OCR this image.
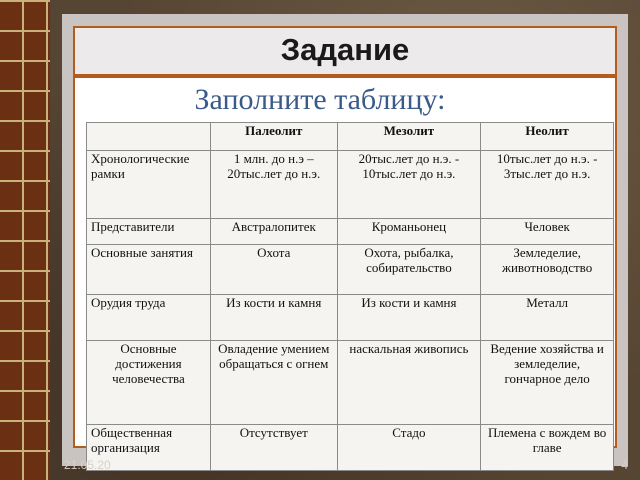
Задание
Заполните таблицу:
	Палеолит	Мезолит	Неолит
Хронологические рамки	1 млн. до н.э – 20тыс.лет до н.э.	20тыс.лет до н.э. - 10тыс.лет до н.э.	10тыс.лет до н.э. - 3тыс.лет до н.э.
Представители	Австралопитек	Кроманьонец	Человек
Основные занятия	Охота	Охота, рыбалка, собирательство	Земледелие, животноводство
Орудия труда	Из кости и камня	Из кости и камня	Металл
Основные достижения человечества	Овладение умением обращаться с огнем	наскальная живопись	Ведение хозяйства и земледелие, гончарное дело
Общественная организация	Отсутствует	Стадо	Племена с вождем во главе
21.05.20	4
